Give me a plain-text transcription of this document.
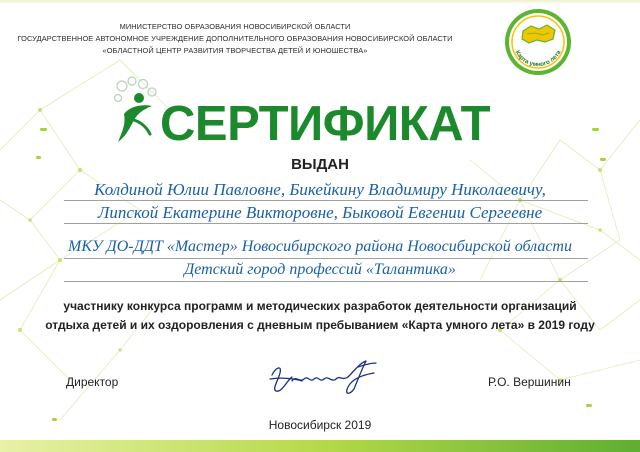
МИНИСТЕРСТВО ОБРАЗОВАНИЯ НОВОСИБИРСКОЙ ОБЛАСТИ
ГОСУДАРСТВЕННОЕ АВТОНОМНОЕ УЧРЕЖДЕНИЕ ДОПОЛНИТЕЛЬНОГО ОБРАЗОВАНИЯ НОВОСИБИРСКОЙ ОБЛАСТИ
«ОБЛАСТНОЙ ЦЕНТР РАЗВИТИЯ ТВОРЧЕСТВА ДЕТЕЙ И ЮНОШЕСТВА»	Карта умного лета
СЕРТИФИКАТ
ВЫДАН
Колдиной Юлии Павловне, Бикейкину Владимиру Николаевичу,
Липской Екатерине Викторовне, Быковой Евгении Сергеевне
МКУ ДО-ДДТ «Мастер» Новосибирского района Новосибирской области
Детский город профессий «Талантика»
участнику конкурса программ и методических разработок деятельности организаций
отдыха детей и их оздоровления с дневным пребыванием «Карта умного лета» в 2019 году
Директор	Р.О. Вершинин
Новосибирск 2019
